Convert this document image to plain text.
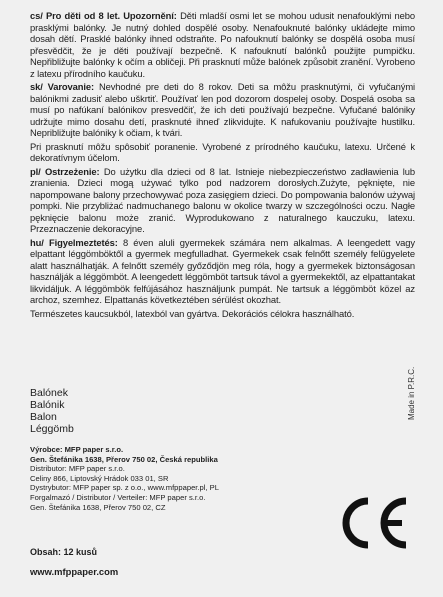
cs/ Pro děti od 8 let. Upozornění: Děti mladší osmi let se mohou udusit nenafouklými nebo prasklými balónky. Je nutný dohled dospělé osoby. Nenafouknuté balónky ukládejte mimo dosah dětí. Prasklé balónky ihned odstraňte. Po nafouknutí balónky se dospělá osoba musí přesvědčit, že je děti používají bezpečně. K nafouknutí balónků použijte pumpičku. Nepřibližujte balónky k očím a obličeji. Při prasknutí může balónek způsobit zranění. Vyrobeno z latexu přírodního kaučuku.

sk/ Varovanie: Nevhodné pre deti do 8 rokov. Deti sa môžu prasknutými, či vyfučanými balónikmi zadusiť alebo uškrtiť. Používať len pod dozorom dospelej osoby. Dospelá osoba sa musí po nafúkaní balónikov presvedčiť, že ich deti používajú bezpečne. Vyfučané balóniky udržujte mimo dosahu detí, prasknuté ihneď zlikvidujte. K nafukovaniu používajte hustilku. Nepribližujte balóniky k očiam, k tvári.

Pri prasknutí môžu spôsobiť poranenie. Vyrobené z prírodného kaučuku, latexu. Určené k dekoratívnym účelom.

pl/ Ostrzeżenie: Do użytku dla dzieci od 8 lat. Istnieje niebezpieczeństwo zadławienia lub zranienia. Dzieci mogą używać tylko pod nadzorem dorosłych.Zużyte, pęknięte, nie napompowane balony przechowywać poza zasięgiem dzieci. Do pompowania balonów używaj pompki. Nie przybliżać nadmuchanego balonu w okolice twarzy w szczególności oczu. Nagłe pęknięcie balonu może zranić. Wyprodukowano z naturalnego kauczuku, latexu. Przeznaczenie dekoracyjne.

hu/ Figyelmeztetés: 8 éven aluli gyermekek számára nem alkalmas. A leengedett vagy elpattant léggömböktől a gyermek megfulladhat. Gyermekek csak felnőtt személy felügyelete alatt használhatják. A felnőtt személy győződjön meg róla, hogy a gyermekek biztonságosan használják a léggömböt. A leengedett léggömböt tartsuk távol a gyermekektől, az elpattantakat likvidáljuk. A léggömbök felfújásához használjunk pumpát. Ne tartsuk a léggömböt közel az archoz, szemhez. Elpattanás következtében sérülést okozhat.

Természetes kaucsukból, latexból van gyártva. Dekorációs célokra használható.

Balónek
Balónik
Balon
Léggömb
Made in P.R.C.
Výrobce: MFP paper s.r.o.
Gen. Štefánika 1638, Přerov 750 02, Česká republika
Distributor: MFP paper s.r.o.
Celiny 866, Liptovský Hrádok 033 01, SR
Dystrybutor: MFP paper sp. z o.o., www.mfppaper.pl, PL
Forgalmazó / Distributor / Verteiler: MFP paper s.r.o.
Gen. Štefánika 1638, Přerov 750 02, CZ
Obsah: 12 kusů
www.mfppaper.com
